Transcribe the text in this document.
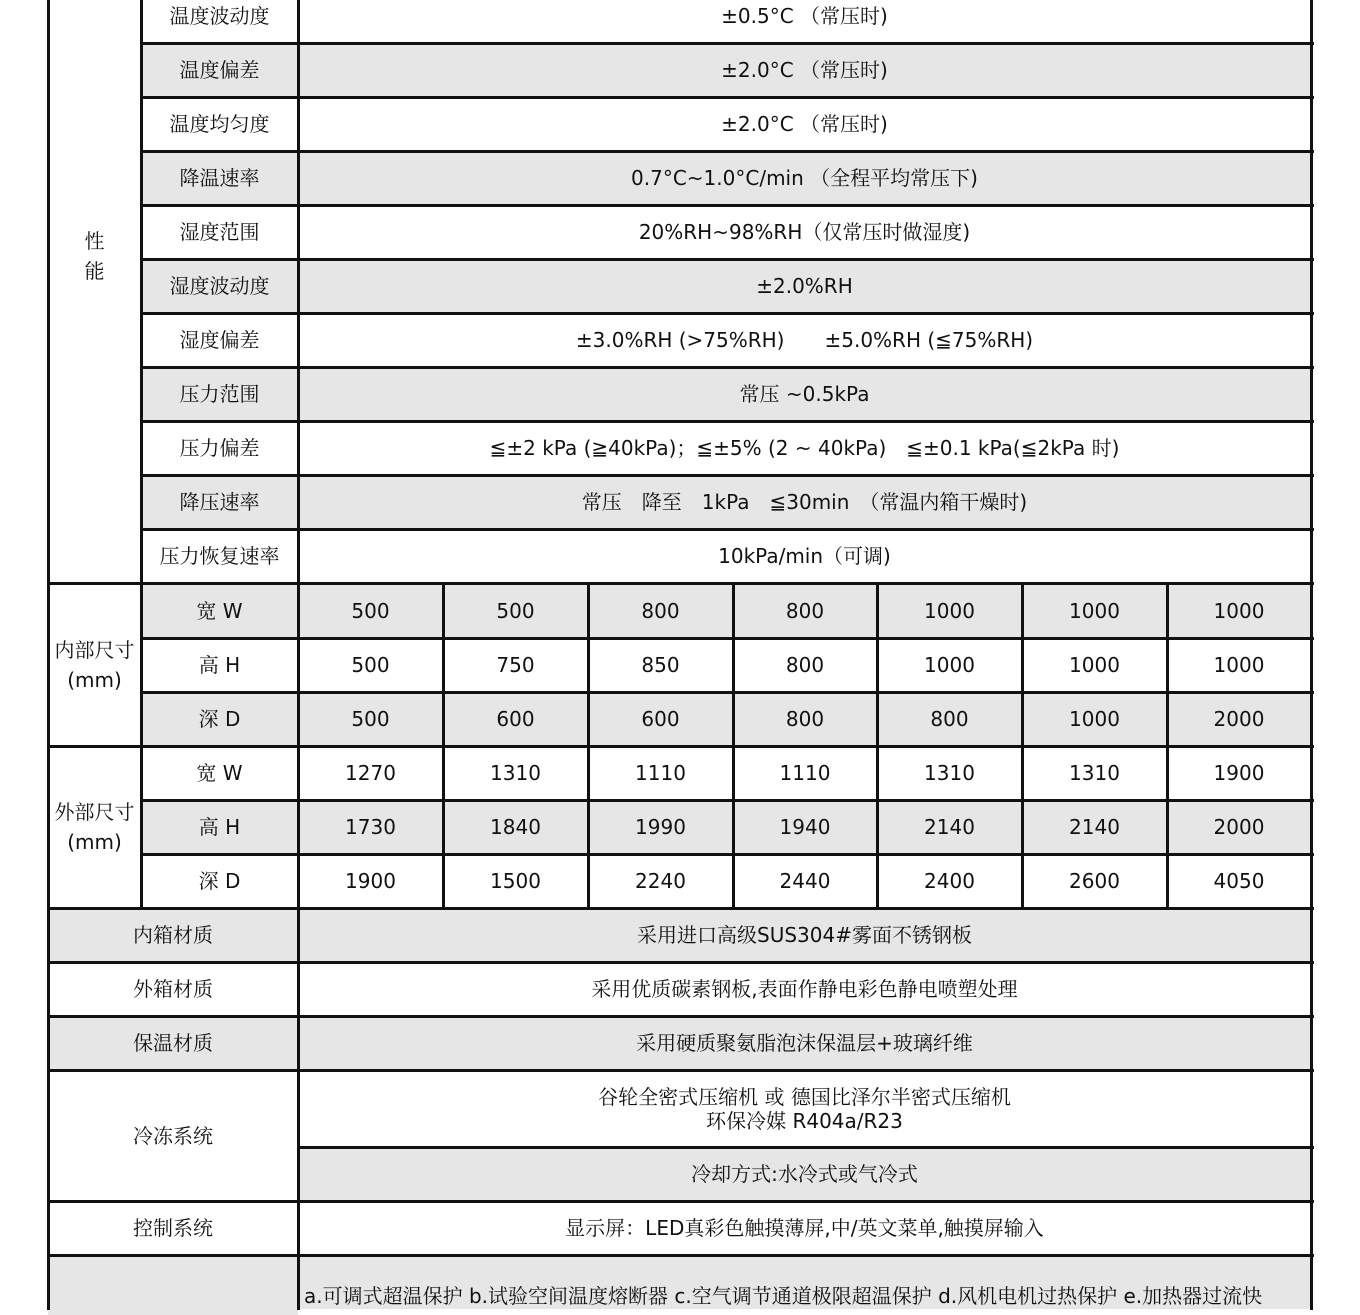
温度波动度	±0.5°C （常压时)
温度偏差	±2.0°C （常压时)
温度均匀度	±2.0°C （常压时)
降温速率	0.7°C~1.0°C/min （全程平均常压下)
湿度范围	20%RH~98%RH（仅常压时做湿度)
湿度波动度	±2.0%RH
湿度偏差	±3.0%RH (>75%RH)　　±5.0%RH (≦75%RH)
压力范围	常压 ~0.5kPa
压力偏差	≦±2 kPa (≧40kPa)；≦±5% (2 ~ 40kPa)　≦±0.1 kPa(≦2kPa 时)
降压速率	常压　降至　1kPa　≦30min　（常温内箱干燥时)
压力恢复速率	10kPa/min（可调)
性
能
宽 W	500	500	800	800	1000	1000	1000
高 H	500	750	850	800	1000	1000	1000
深 D	500	600	600	800	800	1000	2000
内部尺寸
(mm)
宽 W	1270	1310	1110	1110	1310	1310	1900
高 H	1730	1840	1990	1940	2140	2140	2000
深 D	1900	1500	2240	2440	2400	2600	4050
外部尺寸
(mm)
内箱材质	采用进口高级SUS304#雾面不锈钢板
外箱材质	采用优质碳素钢板,表面作静电彩色静电喷塑处理
保温材质	采用硬质聚氨脂泡沫保温层+玻璃纤维
冷冻系统
谷轮全密式压缩机 或 德国比泽尔半密式压缩机
环保冷媒 R404a/R23
冷却方式:水冷式或气冷式
控制系统	显示屏：LED真彩色触摸薄屏,中/英文菜单,触摸屏输入
a.可调式超温保护 b.试验空间温度熔断器 c.空气调节通道极限超温保护 d.风机电机过热保护 e.加热器过流快
